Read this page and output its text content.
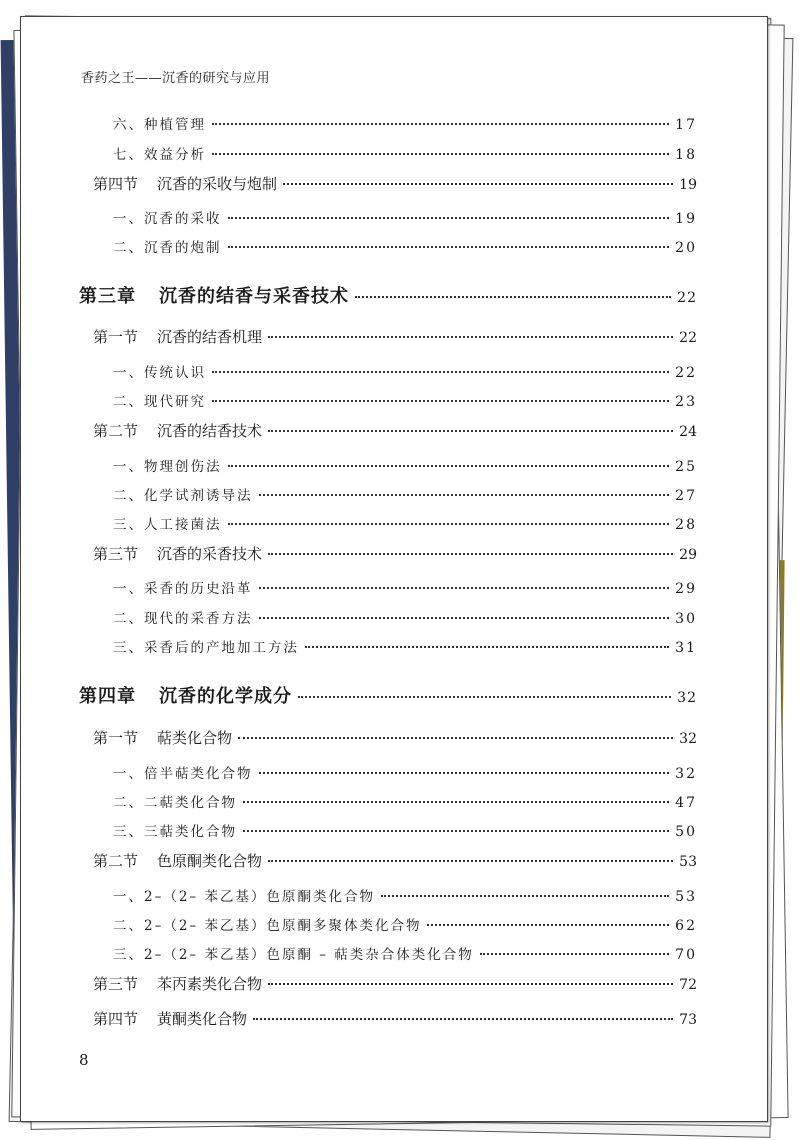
香药之王——沉香的研究与应用
六、种植管理	17
七、效益分析	18
第四节 沉香的采收与炮制	19
一、沉香的采收	19
二、沉香的炮制	20
第三章 沉香的结香与采香技术	22
第一节 沉香的结香机理	22
一、传统认识	22
二、现代研究	23
第二节 沉香的结香技术	24
一、物理创伤法	25
二、化学试剂诱导法	27
三、人工接菌法	28
第三节 沉香的采香技术	29
一、采香的历史沿革	29
二、现代的采香方法	30
三、采香后的产地加工方法	31
第四章 沉香的化学成分	32
第一节 萜类化合物	32
一、倍半萜类化合物	32
二、二萜类化合物	47
三、三萜类化合物	50
第二节 色原酮类化合物	53
一、2–（2– 苯乙基）色原酮类化合物	53
二、2–（2– 苯乙基）色原酮多聚体类化合物	62
三、2–（2– 苯乙基）色原酮 – 萜类杂合体类化合物	70
第三节 苯丙素类化合物	72
第四节 黄酮类化合物	73
8
